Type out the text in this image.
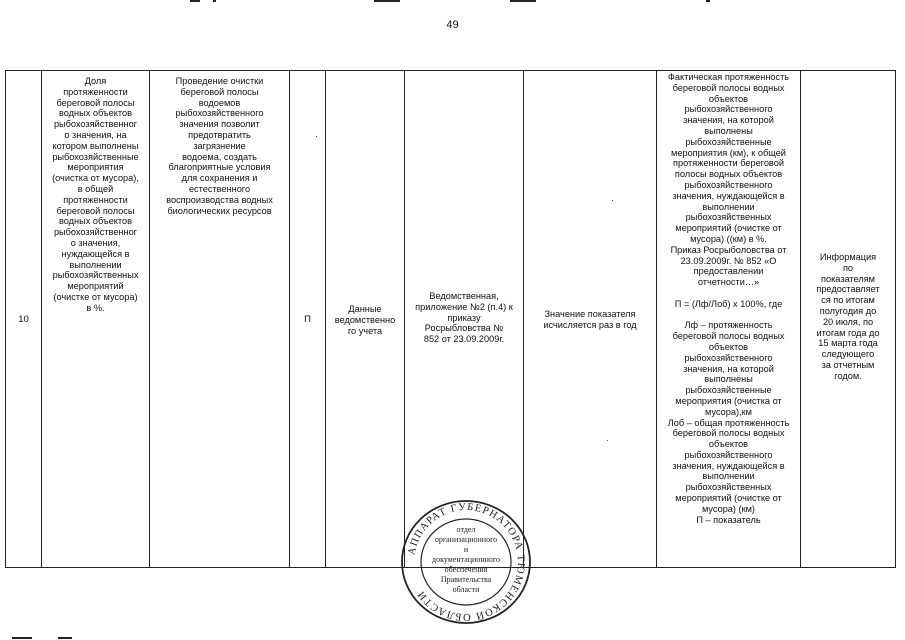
49
10
Доля
протяженности
береговой полосы
водных объектов
рыбохозяйственног
о значения, на
котором выполнены
рыбохозяйственные
мероприятия
(очистка от мусора),
в общей
протяженности
береговой полосы
водных объектов
рыбохозяйственног
о значения,
нуждающейся в
выполнении
рыбохозяйственных
мероприятий
(очистке от мусора)
в %.
Проведение очистки
береговой полосы
водоемов
рыбохозяйственного
значения позволит
предотвратить
загрязнение
водоема, создать
благоприятные условия
для сохранения и
естественного
воспроизводства водных
биологических ресурсов
П
Данные
ведомственно
го учета
Ведомственная,
приложение №2 (п.4) к
приказу
Росрыбловства №
852 от 23.09.2009г.
Значение показателя
исчисляется раз в год
Фактическая протяженность
береговой полосы водных
объектов
рыбохозяйственного
значения, на которой
выполнены
рыбохозяйственные
мероприятия (км), к общей
протяженности береговой
полосы водных объектов
рыбохозяйственного
значения, нуждающейся в
выполнении
рыбохозяйственных
мероприятий (очистке от
мусора) ((км) в %.
Приказ Росрыболовства от
23.09.2009г. № 852 «О
предоставлении
отчетности…»

П = (Лф/Лоб) x 100%, где

Лф – протяженность
береговой полосы водных
объектов
рыбохозяйственного
значения, на которой
выполнены
рыбохозяйственные
мероприятия (очистка от
мусора),км
Лоб – общая протяженность
береговой полосы водных
объектов
рыбохозяйственного
значения, нуждающейся в
выполнении
рыбохозяйственных
мероприятий (очистке от
мусора) (км)
П – показатель
Информация
по
показателям
предоставляет
ся по итогам
полугодия до
20 июля, по
итогам года до
15 марта года
следующего
за отчетным
годом.
АППАРАТ ГУБЕРНАТОРА ТЮМЕНСКОЙ ОБЛАСТИ
отдел
организационного
и
документационного
обеспечения
Правительства
области
